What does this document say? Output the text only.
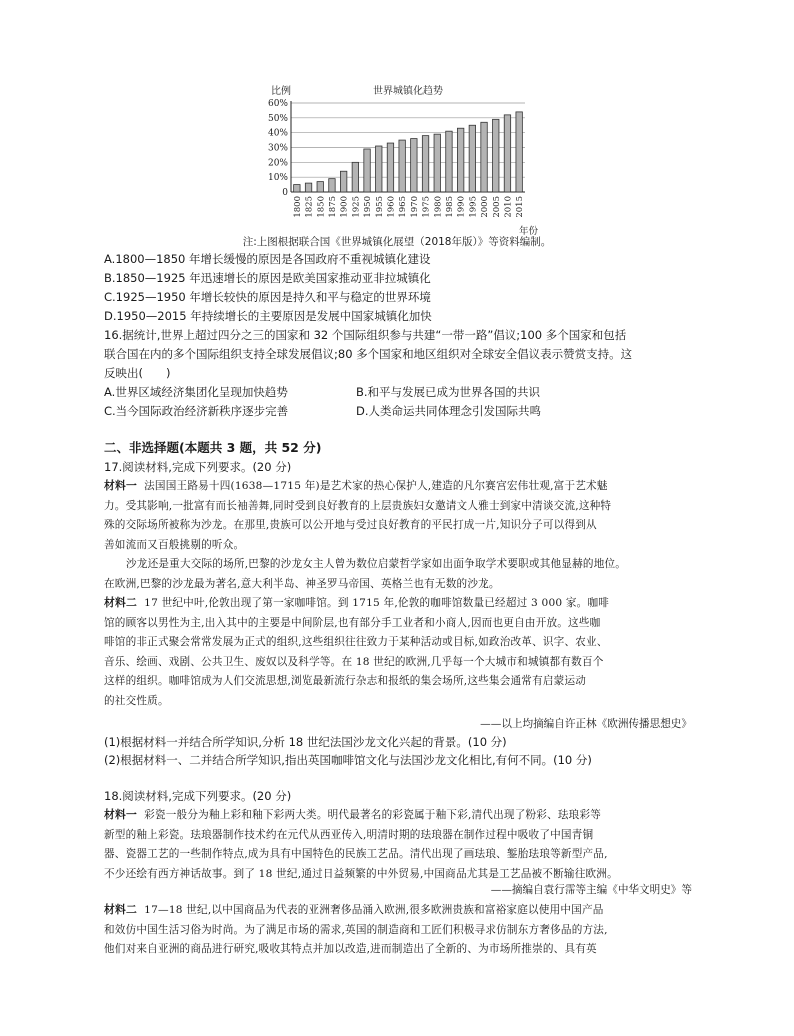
0
10%
20%
30%
40%
50%
60%
比例	世界城镇化趋势
年份
1800 1825 1850 1875 1900 1925 1950 1955 1960 1965 1970 1975 1980 1985 1990 1995 2000 2005 2010 2015
注:上图根据联合国《世界城镇化展望（2018年版）》等资料编制。
A.1800—1850 年增长缓慢的原因是各国政府不重视城镇化建设
B.1850—1925 年迅速增长的原因是欧美国家推动亚非拉城镇化
C.1925—1950 年增长较快的原因是持久和平与稳定的世界环境
D.1950—2015 年持续增长的主要原因是发展中国家城镇化加快
16.据统计,世界上超过四分之三的国家和 32 个国际组织参与共建“一带一路”倡议;100 多个国家和包括
联合国在内的多个国际组织支持全球发展倡议;80 多个国家和地区组织对全球安全倡议表示赞赏支持。这
反映出(　　)
A.世界区域经济集团化呈现加快趋势	B.和平与发展已成为世界各国的共识
C.当今国际政治经济新秩序逐步完善	D.人类命运共同体理念引发国际共鸣
二、非选择题(本题共 3 题，共 52 分)
17.阅读材料,完成下列要求。(20 分)
材料一 法国国王路易十四(1638—1715 年)是艺术家的热心保护人,建造的凡尔赛宫宏伟壮观,富于艺术魅
力。受其影响,一批富有而长袖善舞,同时受到良好教育的上层贵族妇女邀请文人雅士到家中清谈交流,这种特
殊的交际场所被称为沙龙。在那里,贵族可以公开地与受过良好教育的平民打成一片,知识分子可以得到从
善如流而又百般挑剔的听众。
沙龙还是重大交际的场所,巴黎的沙龙女主人曾为数位启蒙哲学家如出面争取学术要职或其他显赫的地位。
在欧洲,巴黎的沙龙最为著名,意大利半岛、神圣罗马帝国、英格兰也有无数的沙龙。
材料二 17 世纪中叶,伦敦出现了第一家咖啡馆。到 1715 年,伦敦的咖啡馆数量已经超过 3 000 家。咖啡
馆的顾客以男性为主,出入其中的主要是中间阶层,也有部分手工业者和小商人,因而也更自由开放。这些咖
啡馆的非正式聚会常常发展为正式的组织,这些组织往往致力于某种活动或目标,如政治改革、识字、农业、
音乐、绘画、戏剧、公共卫生、废奴以及科学等。在 18 世纪的欧洲,几乎每一个大城市和城镇都有数百个
这样的组织。咖啡馆成为人们交流思想,浏览最新流行杂志和报纸的集会场所,这些集会通常有启蒙运动
的社交性质。
——以上均摘编自许正林《欧洲传播思想史》
(1)根据材料一并结合所学知识,分析 18 世纪法国沙龙文化兴起的背景。(10 分)
(2)根据材料一、二并结合所学知识,指出英国咖啡馆文化与法国沙龙文化相比,有何不同。(10 分)
18.阅读材料,完成下列要求。(20 分)
材料一 彩瓷一般分为釉上彩和釉下彩两大类。明代最著名的彩瓷属于釉下彩,清代出现了粉彩、珐琅彩等
新型的釉上彩瓷。珐琅器制作技术约在元代从西亚传入,明清时期的珐琅器在制作过程中吸收了中国青铜
器、瓷器工艺的一些制作特点,成为具有中国特色的民族工艺品。清代出现了画珐琅、錾胎珐琅等新型产品,
不少还绘有西方神话故事。到了 18 世纪,通过日益频繁的中外贸易,中国商品尤其是工艺品被不断输往欧洲。
——摘编自袁行霈等主编《中华文明史》等
材料二 17—18 世纪,以中国商品为代表的亚洲奢侈品涌入欧洲,很多欧洲贵族和富裕家庭以使用中国产品
和效仿中国生活习俗为时尚。为了满足市场的需求,英国的制造商和工匠们积极寻求仿制东方奢侈品的方法,
他们对来自亚洲的商品进行研究,吸收其特点并加以改造,进而制造出了全新的、为市场所推崇的、具有英
